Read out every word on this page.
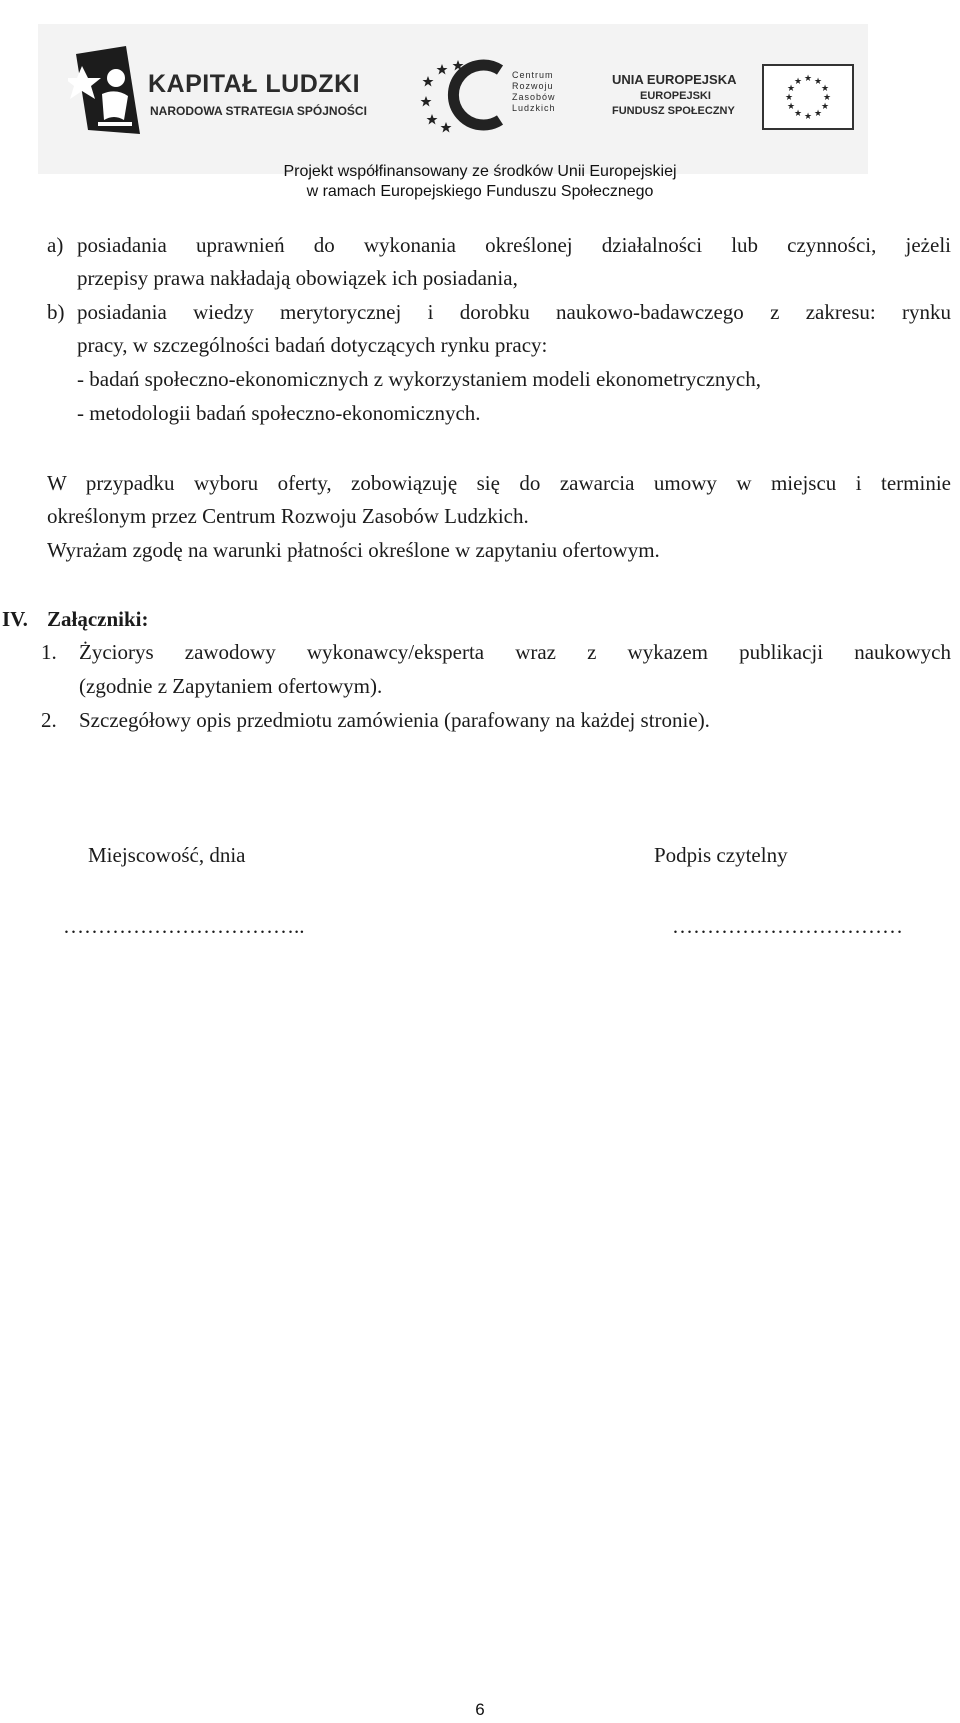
KAPITAŁ LUDZKI
NARODOWA STRATEGIA SPÓJNOŚCI
Centrum
Rozwoju
Zasobów
Ludzkich
UNIA EUROPEJSKA
EUROPEJSKI
FUNDUSZ SPOŁECZNY
★ ★
★
★
★
★
★
★
★
★
★
★
Projekt współfinansowany ze środków Unii Europejskiej
w ramach Europejskiego Funduszu Społecznego
a) posiadania uprawnień do wykonania określonej działalności lub czynności, jeżeli
przepisy prawa nakładają obowiązek ich posiadania,
b) posiadania wiedzy merytorycznej i dorobku naukowo-badawczego z zakresu: rynku
pracy, w szczególności badań dotyczących rynku pracy:
- badań społeczno-ekonomicznych z wykorzystaniem modeli ekonometrycznych,
- metodologii badań społeczno-ekonomicznych.
W przypadku wyboru oferty, zobowiązuję się do zawarcia umowy w miejscu i terminie
określonym przez Centrum Rozwoju Zasobów Ludzkich.
Wyrażam zgodę na warunki płatności określone w zapytaniu ofertowym.
IV. Załączniki:
1. Życiorys zawodowy wykonawcy/eksperta wraz z wykazem publikacji naukowych
(zgodnie z Zapytaniem ofertowym).
2. Szczegółowy opis przedmiotu zamówienia (parafowany na każdej stronie).
Miejscowość, dnia	Podpis czytelny
……………………………..	……………………………
6
